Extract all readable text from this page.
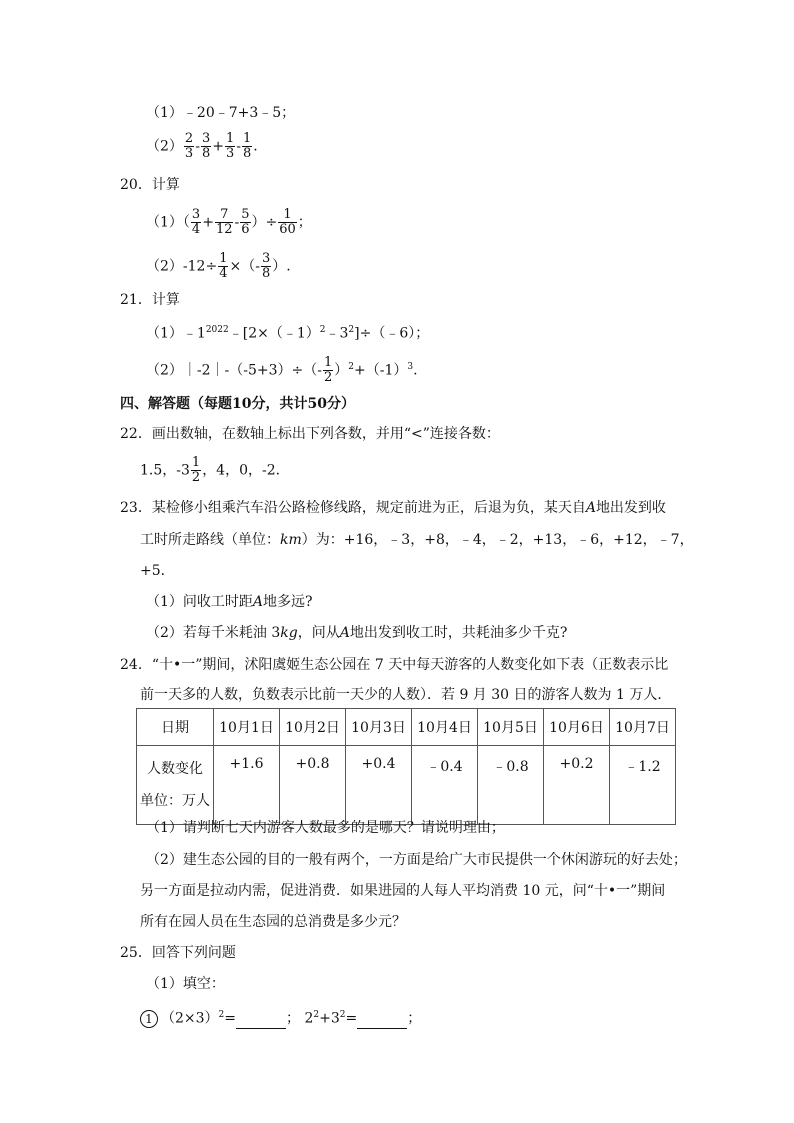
（1）﹣20﹣7+3﹣5；
$(2) \frac{2}{3} - \frac{3}{8} + \frac{1}{3} - \frac{1}{8}$ .
20．计算
$(1)( \frac{3}{4} + \frac{7}{12} - \frac{5}{6}$ ）÷ $\frac{1}{60}$ ；
$(2)-12\div \frac{1}{4}$ ×（- $\frac{3}{8}$ ）.
21．计算
$(1)﹣1^{2022}﹣[2\times(﹣1)^2﹣3^2]\div(﹣6)$；
（2）｜-2｜-（-5+3）÷（- $\frac{1}{2} )^2+(-1)^3$.
四、解答题（每题10分，共计50分）
22．画出数轴，在数轴上标出下列各数，并用“<”连接各数：
1.5，$-3 \frac{1}{2}$ ，4，0，-2.
23．某检修小组乘汽车沿公路检修线路，规定前进为正，后退为负，某天自A地出发到收
工时所走路线（单位：km）为：+16，﹣3，+8，﹣4，﹣2，+13，﹣6，+12，﹣7，
+5．
（1）问收工时距A地多远?
（2）若每千米耗油 3kg，问从A地出发到收工时，共耗油多少千克?
24．“十•一”期间，沭阳虞姬生态公园在 7 天中每天游客的人数变化如下表（正数表示比
前一天多的人数，负数表示比前一天少的人数）．若 9 月 30 日的游客人数为 1 万人．
日期	10月1日	10月2日	10月3日	10月4日	10月5日	10月6日	10月7日
人数变化
单位：万人	+1.6	+0.8	+0.4	﹣0.4	﹣0.8	+0.2	﹣1.2
（1）请判断七天内游客人数最多的是哪天？请说明理由；
（2）建生态公园的目的一般有两个，一方面是给广大市民提供一个休闲游玩的好去处；
另一方面是拉动内需，促进消费．如果进园的人每人平均消费 10 元，问“十•一”期间
所有在园人员在生态园的总消费是多少元？
25．回答下列问题
（1）填空：
1 $(2\times 3)^2=$	； $2^2+3^2=$	；
